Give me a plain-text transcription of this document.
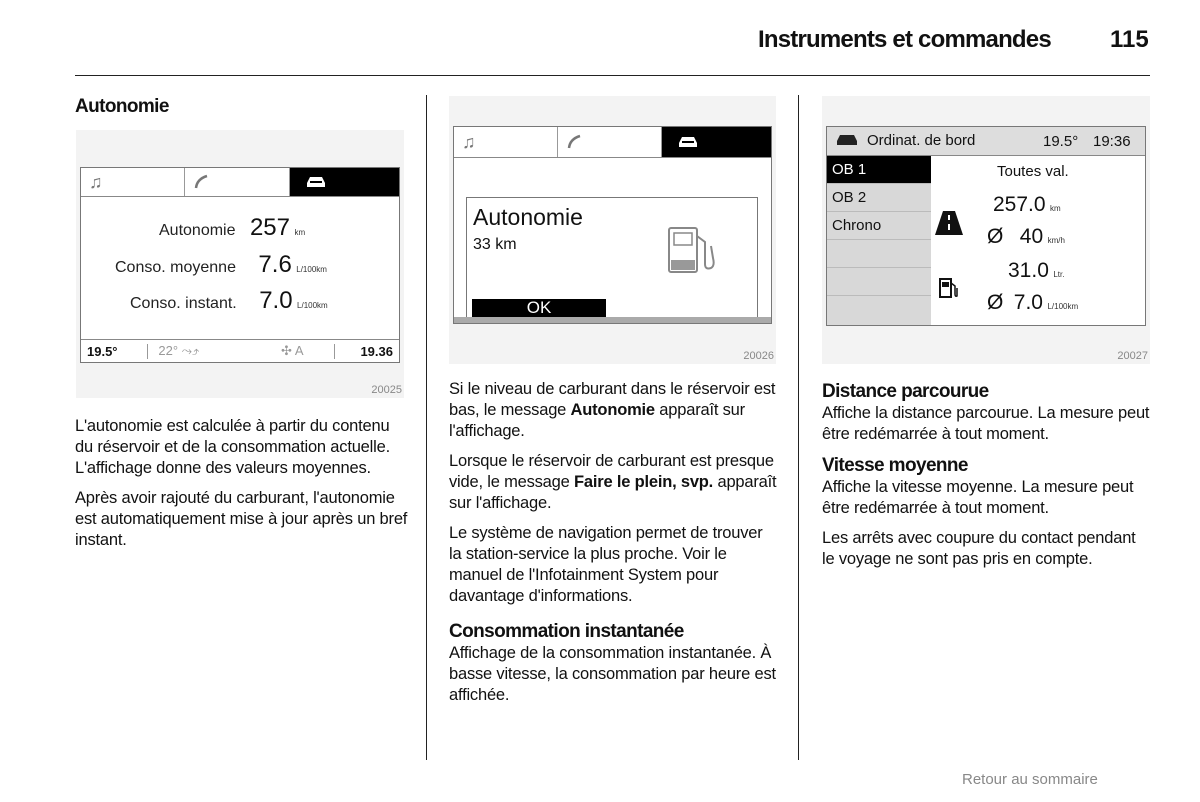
Instruments et commandes 115
Autonomie
♫
Autonomie 257 km
Conso. moyenne 7.6 L/100km
Conso. instant. 7.0 L/100km
19.5°	22° ⤳⤴	✣ A	19.36
20025

L'autonomie est calculée à partir du contenu du réservoir et de la consommation actuelle. L'affichage donne des valeurs moyennes.

Après avoir rajouté du carburant, l'autonomie est automatiquement mise à jour après un bref instant.

♫
Autonomie
33 km
OK
20026

Si le niveau de carburant dans le réservoir est bas, le message Autonomie apparaît sur l'affichage.

Lorsque le réservoir de carburant est presque vide, le message Faire le plein, svp. apparaît sur l'affichage.

Le système de navigation permet de trouver la station-service la plus proche. Voir le manuel de l'Infotainment System pour davantage d'informations.

Consommation instantanée

Affichage de la consommation instantanée. À basse vitesse, la consommation par heure est affichée.

Ordinat. de bord	19.5° 19:36
OB 1
OB 2
Chrono
Toutes val.
257.0 km
Ø 40 km/h
31.0 Ltr.
Ø 7.0 L/100km
20027
Distance parcourue

Affiche la distance parcourue. La mesure peut être redémarrée à tout moment.

Vitesse moyenne

Affiche la vitesse moyenne. La mesure peut être redémarrée à tout moment.

Les arrêts avec coupure du contact pendant le voyage ne sont pas pris en compte.

Retour au sommaire
